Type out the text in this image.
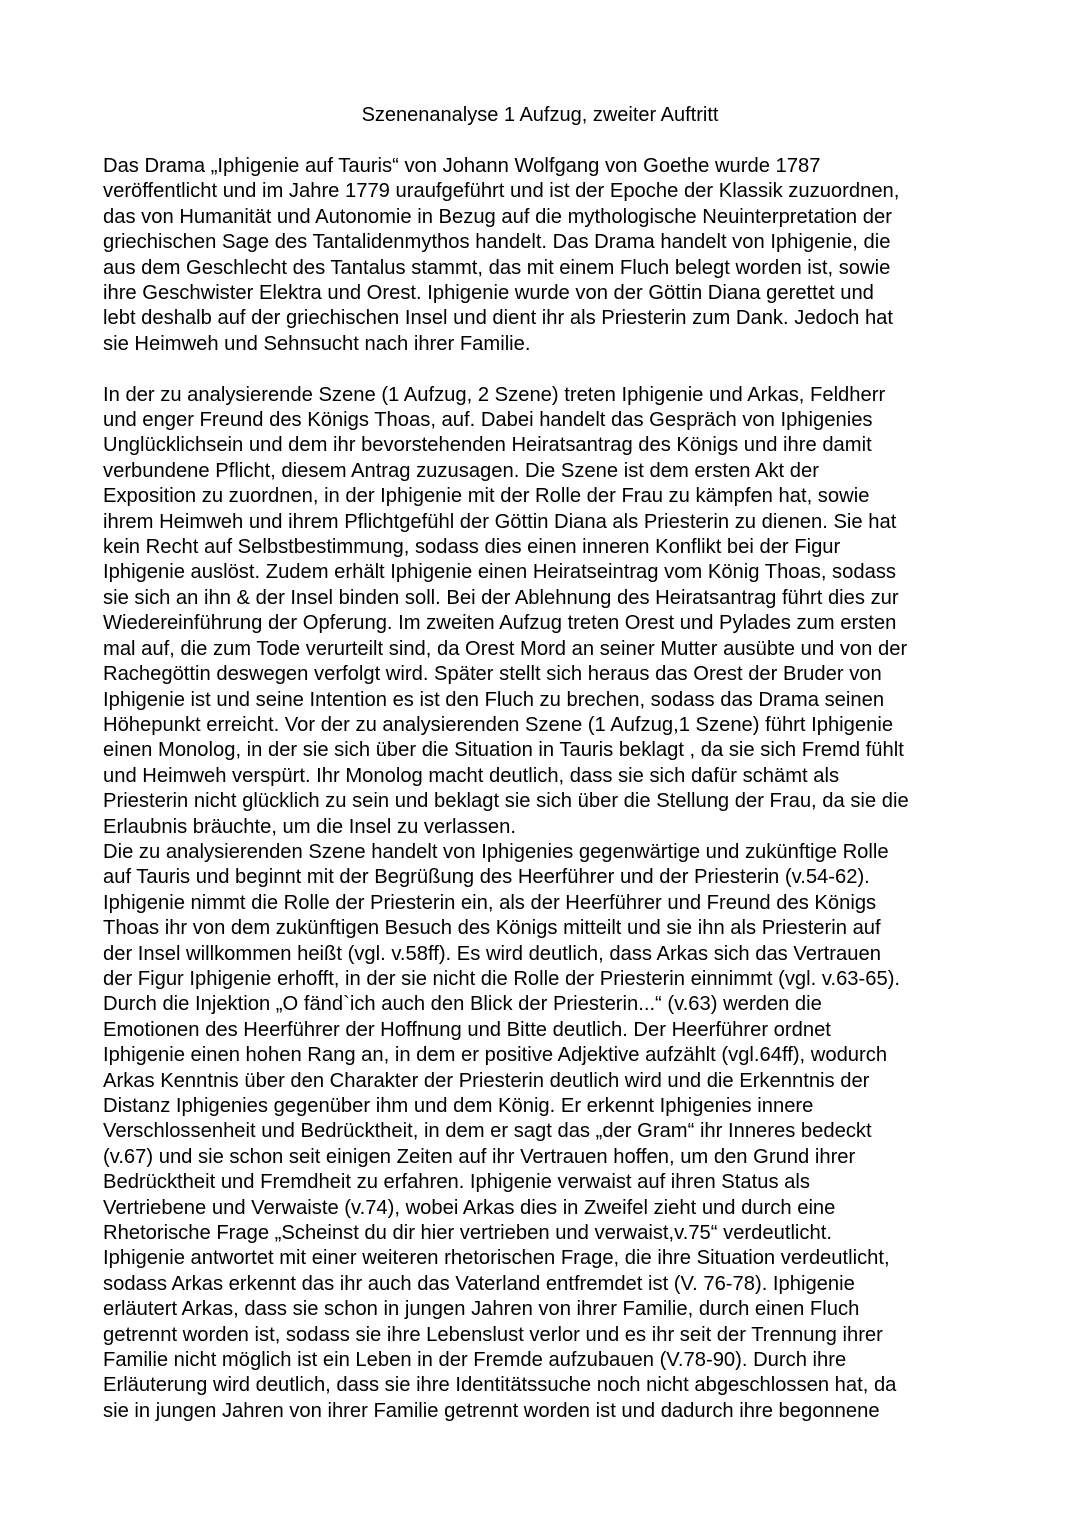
Szenenanalyse 1 Aufzug, zweiter Auftritt
Das Drama „Iphigenie auf Tauris“ von Johann Wolfgang von Goethe wurde 1787
veröffentlicht und im Jahre 1779 uraufgeführt und ist der Epoche der Klassik zuzuordnen,
das von Humanität und Autonomie in Bezug auf die mythologische Neuinterpretation der
griechischen Sage des Tantalidenmythos handelt. Das Drama handelt von Iphigenie, die
aus dem Geschlecht des Tantalus stammt, das mit einem Fluch belegt worden ist, sowie
ihre Geschwister Elektra und Orest. Iphigenie wurde von der Göttin Diana gerettet und
lebt deshalb auf der griechischen Insel und dient ihr als Priesterin zum Dank. Jedoch hat
sie Heimweh und Sehnsucht nach ihrer Familie.
In der zu analysierende Szene (1 Aufzug, 2 Szene) treten Iphigenie und Arkas, Feldherr
und enger Freund des Königs Thoas, auf. Dabei handelt das Gespräch von Iphigenies
Unglücklichsein und dem ihr bevorstehenden Heiratsantrag des Königs und ihre damit
verbundene Pflicht, diesem Antrag zuzusagen. Die Szene ist dem ersten Akt der
Exposition zu zuordnen, in der Iphigenie mit der Rolle der Frau zu kämpfen hat, sowie
ihrem Heimweh und ihrem Pflichtgefühl der Göttin Diana als Priesterin zu dienen. Sie hat
kein Recht auf Selbstbestimmung, sodass dies einen inneren Konflikt bei der Figur
Iphigenie auslöst. Zudem erhält Iphigenie einen Heiratseintrag vom König Thoas, sodass
sie sich an ihn & der Insel binden soll. Bei der Ablehnung des Heiratsantrag führt dies zur
Wiedereinführung der Opferung. Im zweiten Aufzug treten Orest und Pylades zum ersten
mal auf, die zum Tode verurteilt sind, da Orest Mord an seiner Mutter ausübte und von der
Rachegöttin deswegen verfolgt wird. Später stellt sich heraus das Orest der Bruder von
Iphigenie ist und seine Intention es ist den Fluch zu brechen, sodass das Drama seinen
Höhepunkt erreicht. Vor der zu analysierenden Szene (1 Aufzug,1 Szene) führt Iphigenie
einen Monolog, in der sie sich über die Situation in Tauris beklagt , da sie sich Fremd fühlt
und Heimweh verspürt. Ihr Monolog macht deutlich, dass sie sich dafür schämt als
Priesterin nicht glücklich zu sein und beklagt sie sich über die Stellung der Frau, da sie die
Erlaubnis bräuchte, um die Insel zu verlassen.
Die zu analysierenden Szene handelt von Iphigenies gegenwärtige und zukünftige Rolle
auf Tauris und beginnt mit der Begrüßung des Heerführer und der Priesterin (v.54-62).
Iphigenie nimmt die Rolle der Priesterin ein, als der Heerführer und Freund des Königs
Thoas ihr von dem zukünftigen Besuch des Königs mitteilt und sie ihn als Priesterin auf
der Insel willkommen heißt (vgl. v.58ff). Es wird deutlich, dass Arkas sich das Vertrauen
der Figur Iphigenie erhofft, in der sie nicht die Rolle der Priesterin einnimmt (vgl. v.63-65).
Durch die Injektion „O fänd`ich auch den Blick der Priesterin...“ (v.63) werden die
Emotionen des Heerführer der Hoffnung und Bitte deutlich. Der Heerführer ordnet
Iphigenie einen hohen Rang an, in dem er positive Adjektive aufzählt (vgl.64ff), wodurch
Arkas Kenntnis über den Charakter der Priesterin deutlich wird und die Erkenntnis der
Distanz Iphigenies gegenüber ihm und dem König. Er erkennt Iphigenies innere
Verschlossenheit und Bedrücktheit, in dem er sagt das „der Gram“ ihr Inneres bedeckt
(v.67) und sie schon seit einigen Zeiten auf ihr Vertrauen hoffen, um den Grund ihrer
Bedrücktheit und Fremdheit zu erfahren. Iphigenie verwaist auf ihren Status als
Vertriebene und Verwaiste (v.74), wobei Arkas dies in Zweifel zieht und durch eine
Rhetorische Frage „Scheinst du dir hier vertrieben und verwaist,v.75“ verdeutlicht.
Iphigenie antwortet mit einer weiteren rhetorischen Frage, die ihre Situation verdeutlicht,
sodass Arkas erkennt das ihr auch das Vaterland entfremdet ist (V. 76-78). Iphigenie
erläutert Arkas, dass sie schon in jungen Jahren von ihrer Familie, durch einen Fluch
getrennt worden ist, sodass sie ihre Lebenslust verlor und es ihr seit der Trennung ihrer
Familie nicht möglich ist ein Leben in der Fremde aufzubauen (V.78-90). Durch ihre
Erläuterung wird deutlich, dass sie ihre Identitätssuche noch nicht abgeschlossen hat, da
sie in jungen Jahren von ihrer Familie getrennt worden ist und dadurch ihre begonnene
